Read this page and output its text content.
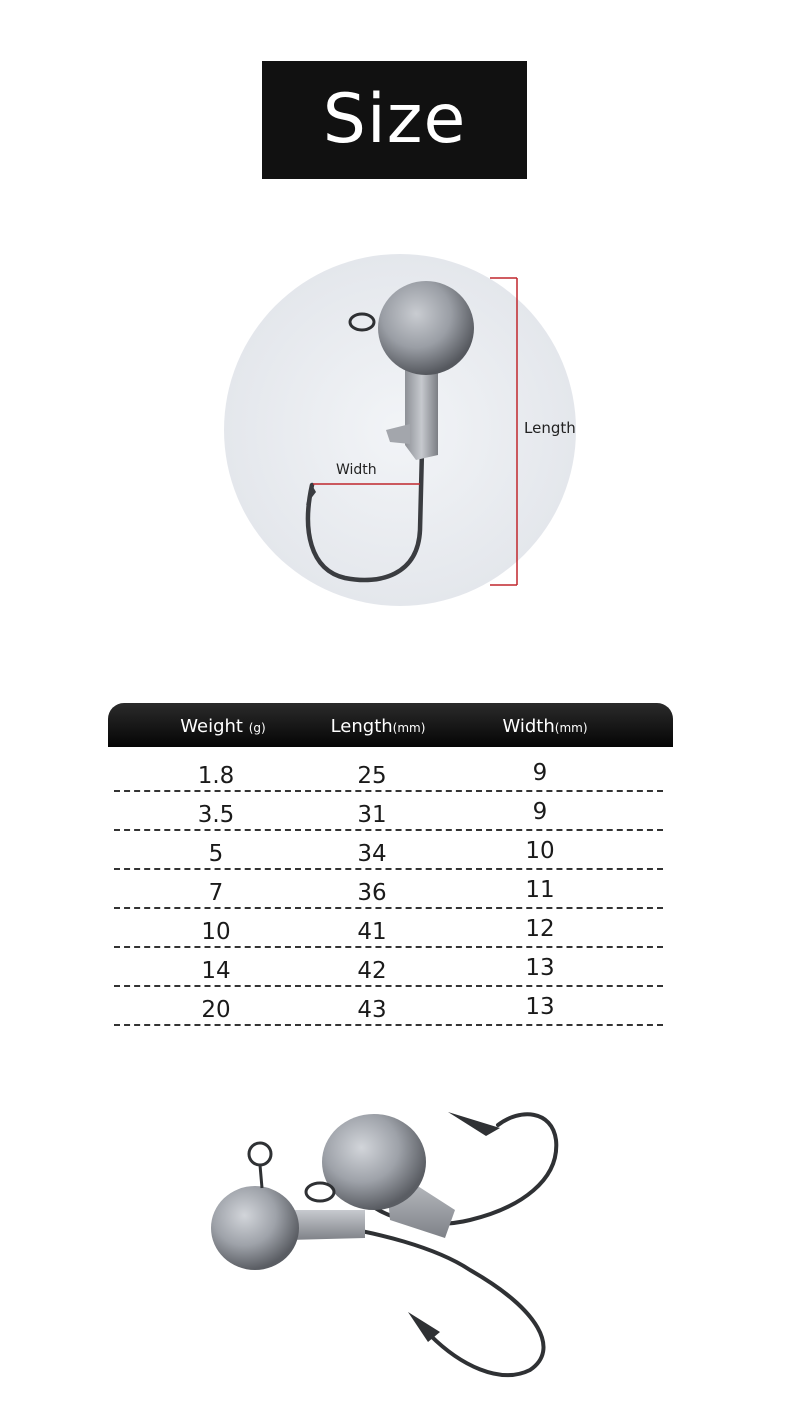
Size
Length
Width
Weight (g)	Length(mm)	Width(mm)
1.8	25	9
3.5	31	9
5	34	10
7	36	11
10	41	12
14	42	13
20	43	13
